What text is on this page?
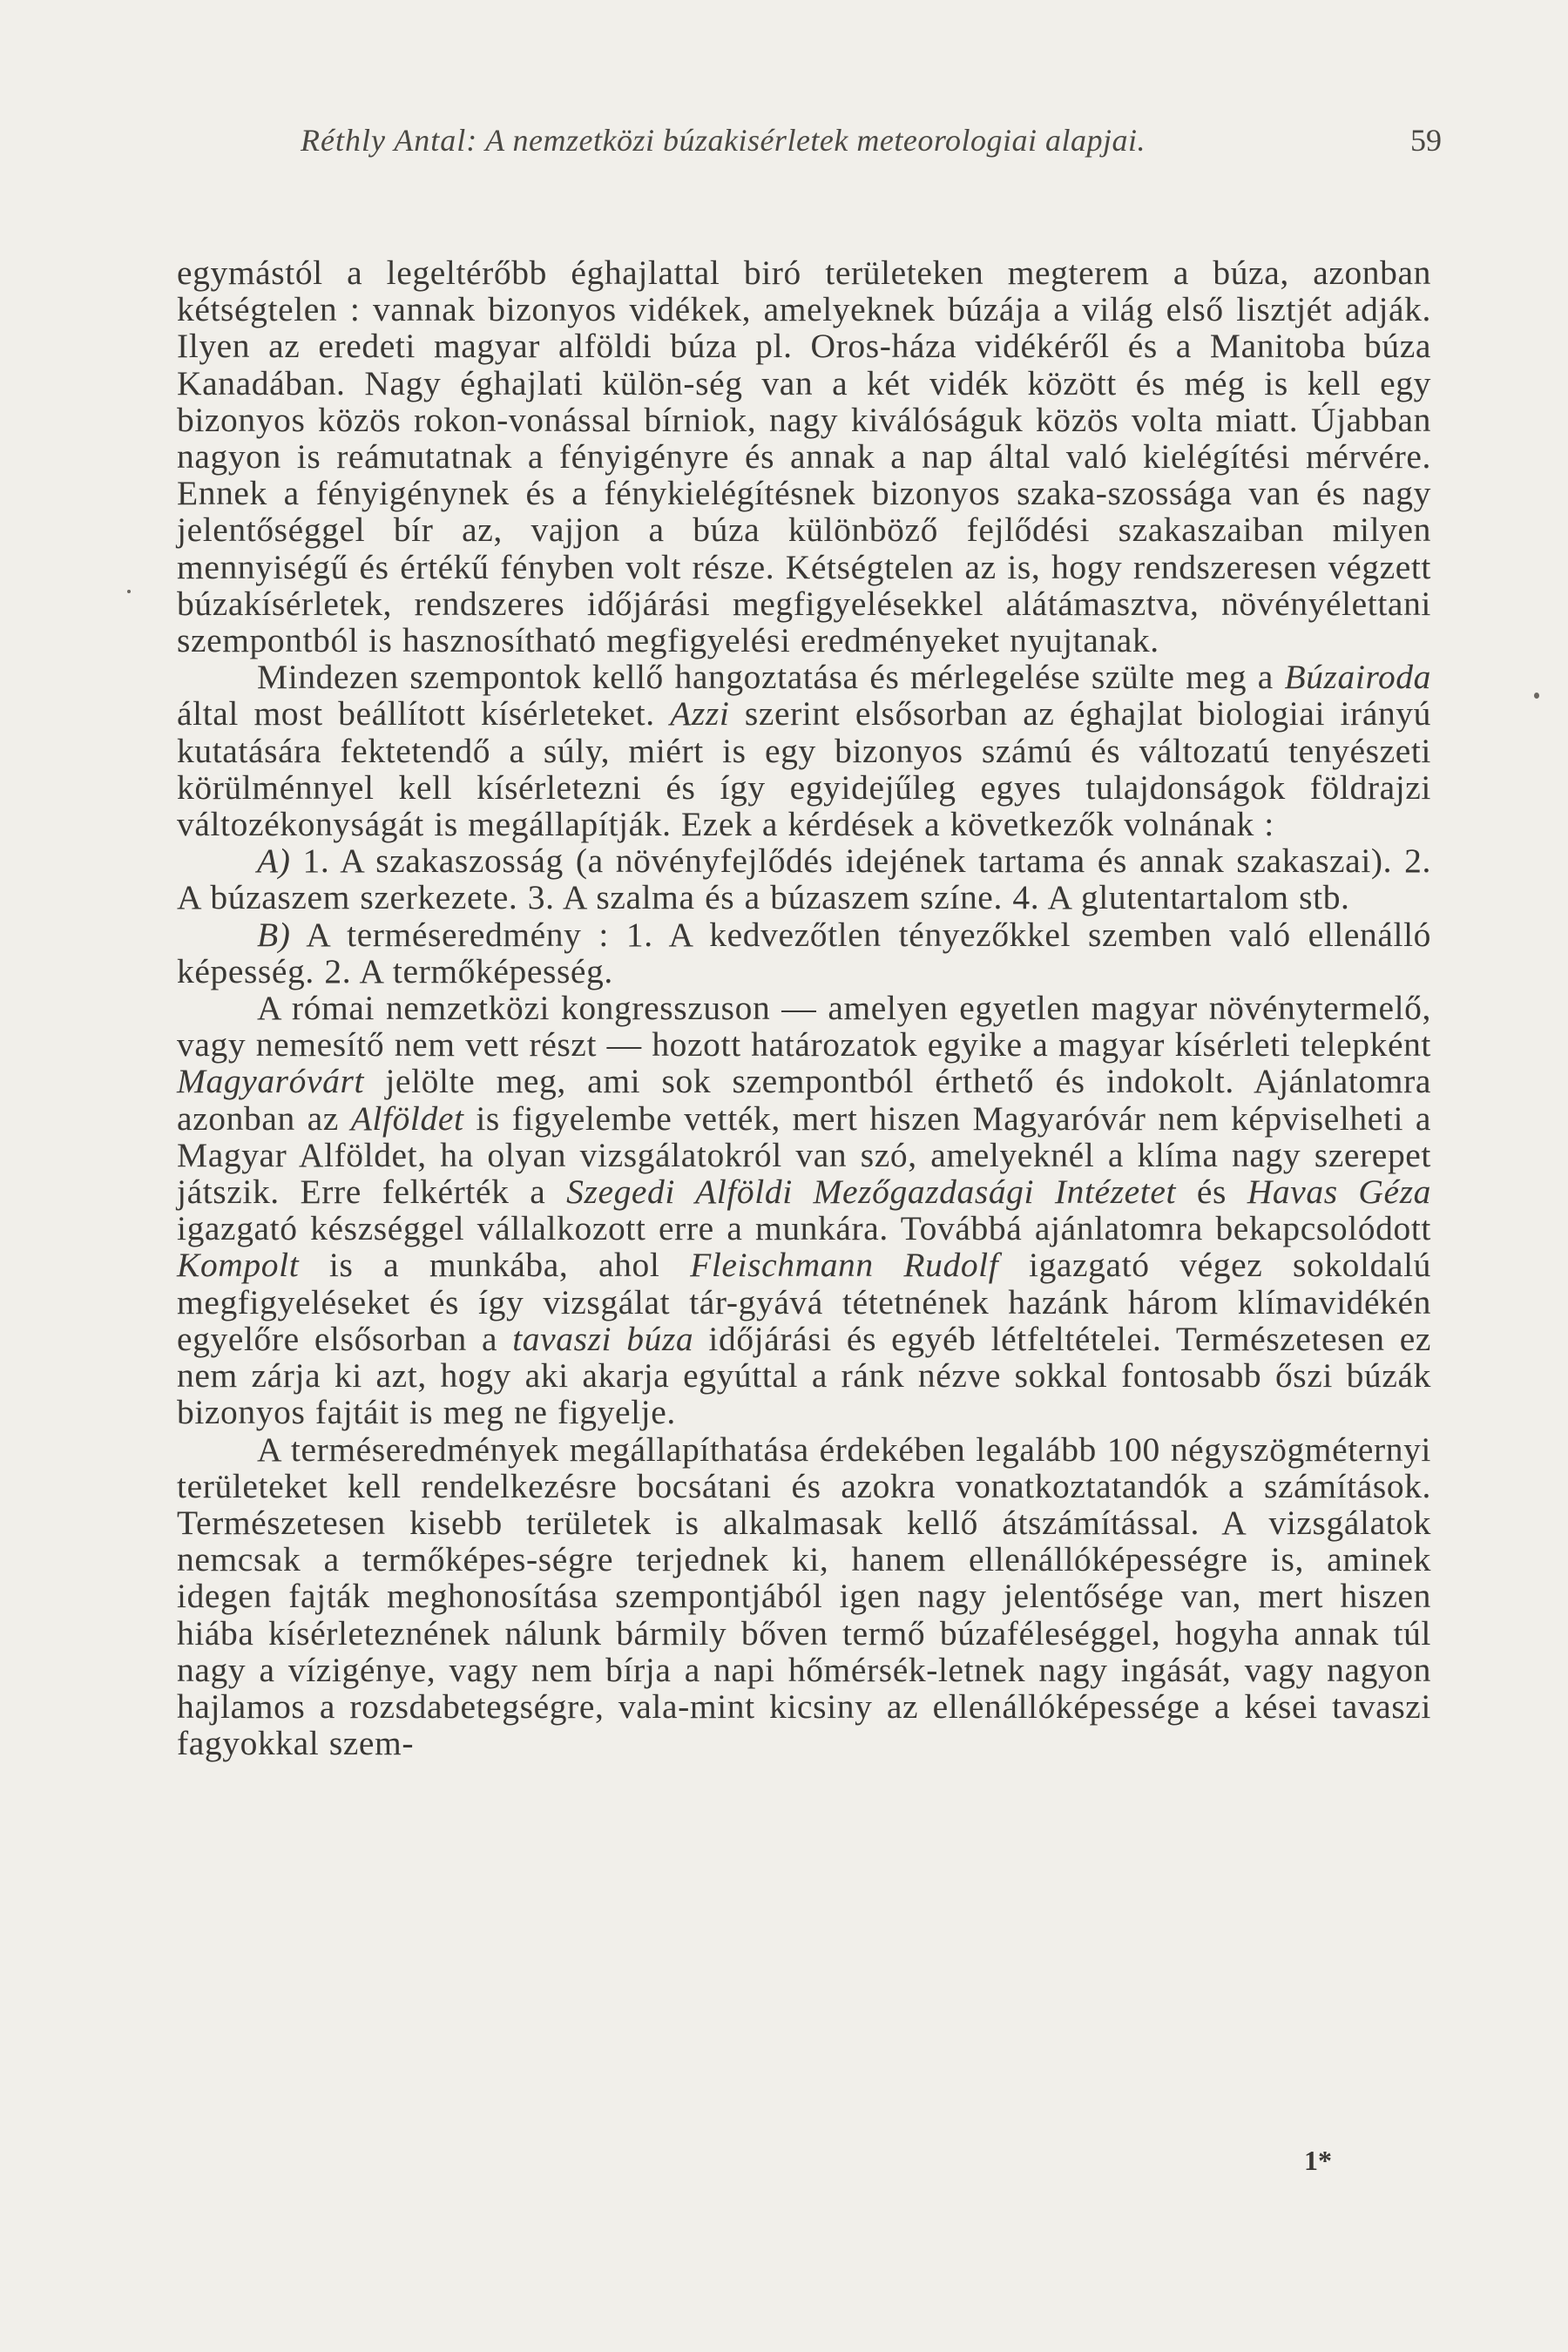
Réthly Antal: A nemzetközi búzakisérletek meteorologiai alapjai.	59

egymástól a legeltérőbb éghajlattal biró területeken megterem a búza, azonban kétségtelen : vannak bizonyos vidékek, amelyeknek búzája a világ első lisztjét adják. Ilyen az eredeti magyar alföldi búza pl. Oros-háza vidékéről és a Manitoba búza Kanadában. Nagy éghajlati külön-ség van a két vidék között és még is kell egy bizonyos közös rokon-vonással bírniok, nagy kiválóságuk közös volta miatt. Újabban nagyon is reámutatnak a fényigényre és annak a nap által való kielégítési mérvére. Ennek a fényigénynek és a fénykielégítésnek bizonyos szaka-szossága van és nagy jelentőséggel bír az, vajjon a búza különböző fejlődési szakaszaiban milyen mennyiségű és értékű fényben volt része. Kétségtelen az is, hogy rendszeresen végzett búzakísérletek, rendszeres időjárási megfigyelésekkel alátámasztva, növényélettani szempontból is hasznosítható megfigyelési eredményeket nyujtanak.

Mindezen szempontok kellő hangoztatása és mérlegelése szülte meg a Búzairoda által most beállított kísérleteket. Azzi szerint elsősorban az éghajlat biologiai irányú kutatására fektetendő a súly, miért is egy bizonyos számú és változatú tenyészeti körülménnyel kell kísérletezni és így egyidejűleg egyes tulajdonságok földrajzi változékonyságát is megállapítják. Ezek a kérdések a következők volnának :

A) 1. A szakaszosság (a növényfejlődés idejének tartama és annak szakaszai). 2. A búzaszem szerkezete. 3. A szalma és a búzaszem színe. 4. A glutentartalom stb.

B) A terméseredmény : 1. A kedvezőtlen tényezőkkel szemben való ellenálló képesség. 2. A termőképesség.

A római nemzetközi kongresszuson — amelyen egyetlen magyar növénytermelő, vagy nemesítő nem vett részt — hozott határozatok egyike a magyar kísérleti telepként Magyaróvárt jelölte meg, ami sok szempontból érthető és indokolt. Ajánlatomra azonban az Alföldet is figyelembe vették, mert hiszen Magyaróvár nem képviselheti a Magyar Alföldet, ha olyan vizsgálatokról van szó, amelyeknél a klíma nagy szerepet játszik. Erre felkérték a Szegedi Alföldi Mezőgazdasági Intézetet és Havas Géza igazgató készséggel vállalkozott erre a munkára. Továbbá ajánlatomra bekapcsolódott Kompolt is a munkába, ahol Fleischmann Rudolf igazgató végez sokoldalú megfigyeléseket és így vizsgálat tár-gyává tétetnének hazánk három klímavidékén egyelőre elsősorban a tavaszi búza időjárási és egyéb létfeltételei. Természetesen ez nem zárja ki azt, hogy aki akarja egyúttal a ránk nézve sokkal fontosabb őszi búzák bizonyos fajtáit is meg ne figyelje.

A terméseredmények megállapíthatása érdekében legalább 100 négyszögméternyi területeket kell rendelkezésre bocsátani és azokra vonatkoztatandók a számítások. Természetesen kisebb területek is alkalmasak kellő átszámítással. A vizsgálatok nemcsak a termőképes-ségre terjednek ki, hanem ellenállóképességre is, aminek idegen fajták meghonosítása szempontjából igen nagy jelentősége van, mert hiszen hiába kísérleteznének nálunk bármily bőven termő búzaféleséggel, hogyha annak túl nagy a vízigénye, vagy nem bírja a napi hőmérsék-letnek nagy ingását, vagy nagyon hajlamos a rozsdabetegségre, vala-mint kicsiny az ellenállóképessége a kései tavaszi fagyokkal szem-

1*
